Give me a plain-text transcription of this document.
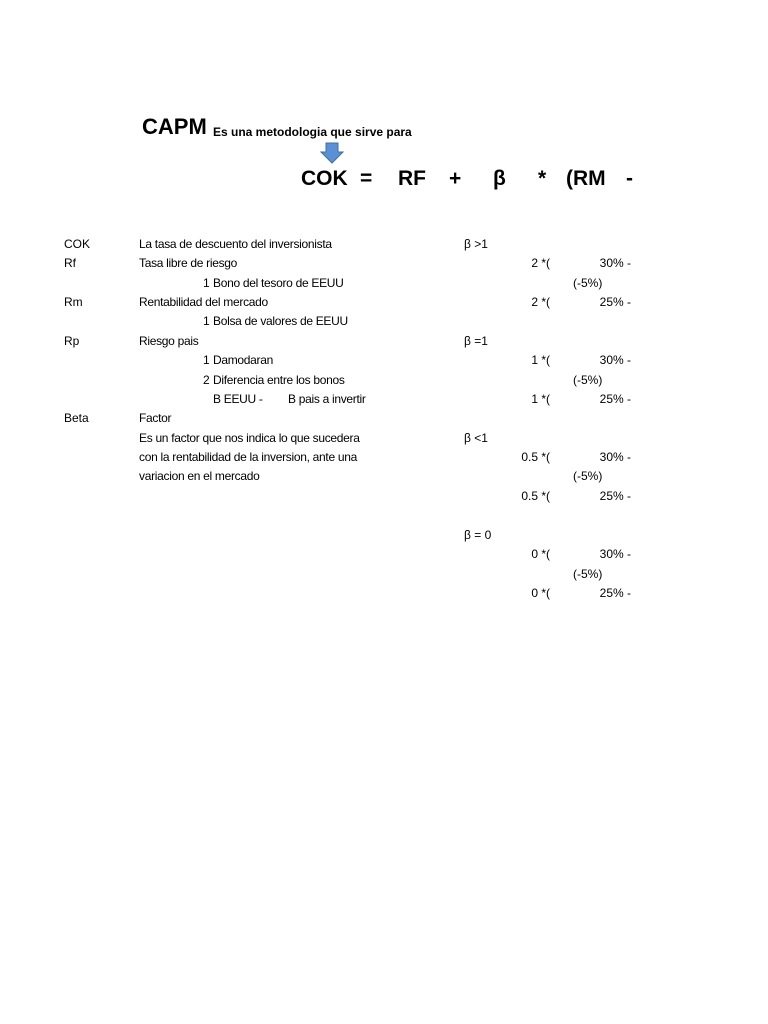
CAPM Es una metodologia que sirve para
COK = RF + β * (RM -
COK	La tasa de descuento del inversionista
Rf	Tasa libre de riesgo
1 Bono del tesoro de EEUU
Rm	Rentabilidad del mercado
1 Bolsa de valores de EEUU
Rp	Riesgo pais
1 Damodaran
2 Diferencia entre los bonos
B EEUU - B pais a invertir
Beta	Factor
Es un factor que nos indica lo que sucedera
con la rentabilidad de la inversion, ante una
variacion en el mercado
β >1
2 *(	30% -
(-5%)
2 *(	25% -
β =1
1 *(	30% -
(-5%)
1 *(	25% -
β <1
0.5 *(	30% -
(-5%)
0.5 *(	25% -
β = 0
0 *(	30% -
(-5%)
0 *(	25% -
